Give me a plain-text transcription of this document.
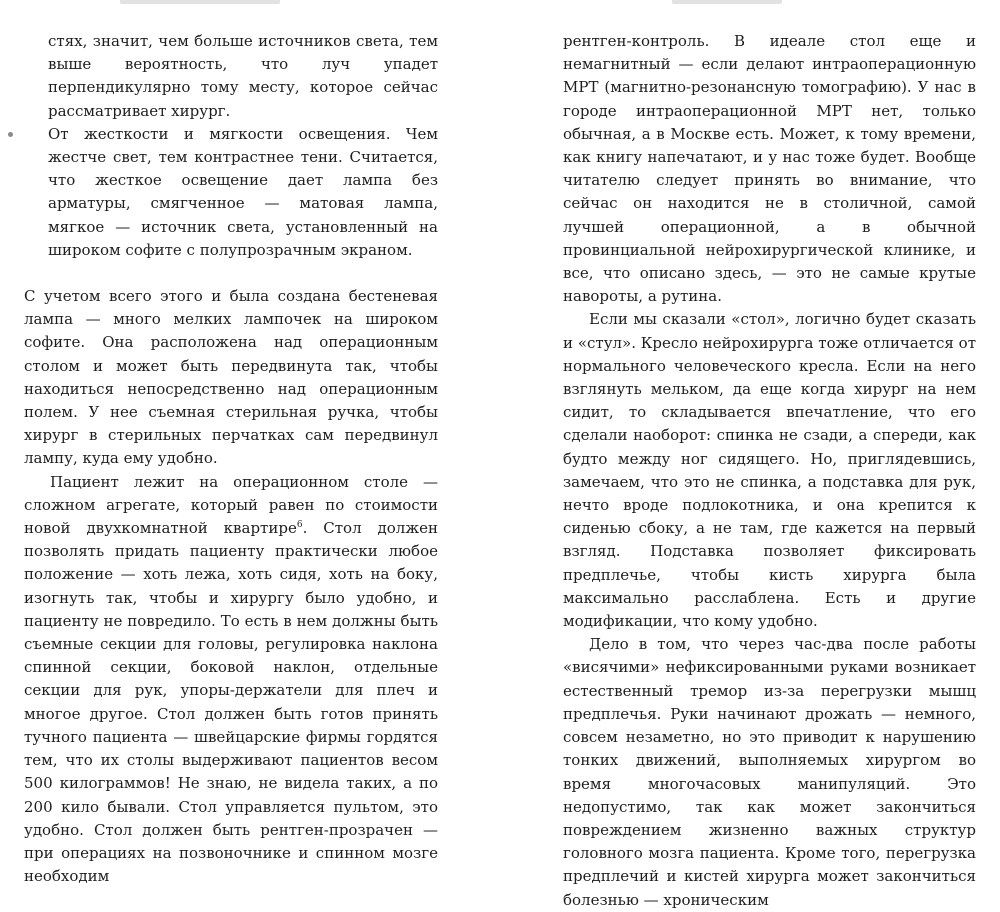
стях, значит, чем больше источников света, тем выше вероятность, что луч упадет перпендикулярно тому месту, которое сейчас рассматривает хирург.
От жесткости и мягкости освещения. Чем жестче свет, тем контрастнее тени. Считается, что жесткое освещение дает лампа без арматуры, смягченное — матовая лампа, мягкое — источник света, установленный на широком софите с полупрозрачным экраном.

С учетом всего этого и была создана бестеневая лампа — много мелких лампочек на широком софите. Она расположена над операционным столом и может быть передвинута так, чтобы находиться непосредственно над операционным полем. У нее съемная стерильная ручка, чтобы хирург в стерильных перчатках сам передвинул лампу, куда ему удобно.

Пациент лежит на операционном столе — сложном агрегате, который равен по стоимости новой двухкомнатной квартире$^6$. Стол должен позволять придать пациенту практически любое положение — хоть лежа, хоть сидя, хоть на боку, изогнуть так, чтобы и хирургу было удобно, и пациенту не повредило. То есть в нем должны быть съемные секции для головы, регулировка наклона спинной секции, боковой наклон, отдельные секции для рук, упоры-держатели для плеч и многое другое. Стол должен быть готов принять тучного пациента — швейцарские фирмы гордятся тем, что их столы выдерживают пациентов весом 500 килограммов! Не знаю, не видела таких, а по 200 кило бывали. Стол управляется пультом, это удобно. Стол должен быть рентген-прозрачен — при операциях на позвоночнике и спинном мозге необходим

рентген-контроль. В идеале стол еще и немагнитный — если делают интраоперационную МРТ (магнитно-резонансную томографию). У нас в городе интраоперационной МРТ нет, только обычная, а в Москве есть. Может, к тому времени, как книгу напечатают, и у нас тоже будет. Вообще читателю следует принять во внимание, что сейчас он находится не в столичной, самой лучшей операционной, а в обычной провинциальной нейрохирургической клинике, и все, что описано здесь, — это не самые крутые навороты, а рутина.

Если мы сказали «стол», логично будет сказать и «стул». Кресло нейрохирурга тоже отличается от нормального человеческого кресла. Если на него взглянуть мельком, да еще когда хирург на нем сидит, то складывается впечатление, что его сделали наоборот: спинка не сзади, а спереди, как будто между ног сидящего. Но, приглядевшись, замечаем, что это не спинка, а подставка для рук, нечто вроде подлокотника, и она крепится к сиденью сбоку, а не там, где кажется на первый взгляд. Подставка позволяет фиксировать предплечье, чтобы кисть хирурга была максимально расслаблена. Есть и другие модификации, что кому удобно.

Дело в том, что через час-два после работы «висячими» нефиксированными руками возникает естественный тремор из-за перегрузки мышц предплечья. Руки начинают дрожать — немного, совсем незаметно, но это приводит к нарушению тонких движений, выполняемых хирургом во время многочасовых манипуляций. Это недопустимо, так как может закончиться повреждением жизненно важных структур головного мозга пациента. Кроме того, перегрузка предплечий и кистей хирурга может закончиться болезнью — хроническим
